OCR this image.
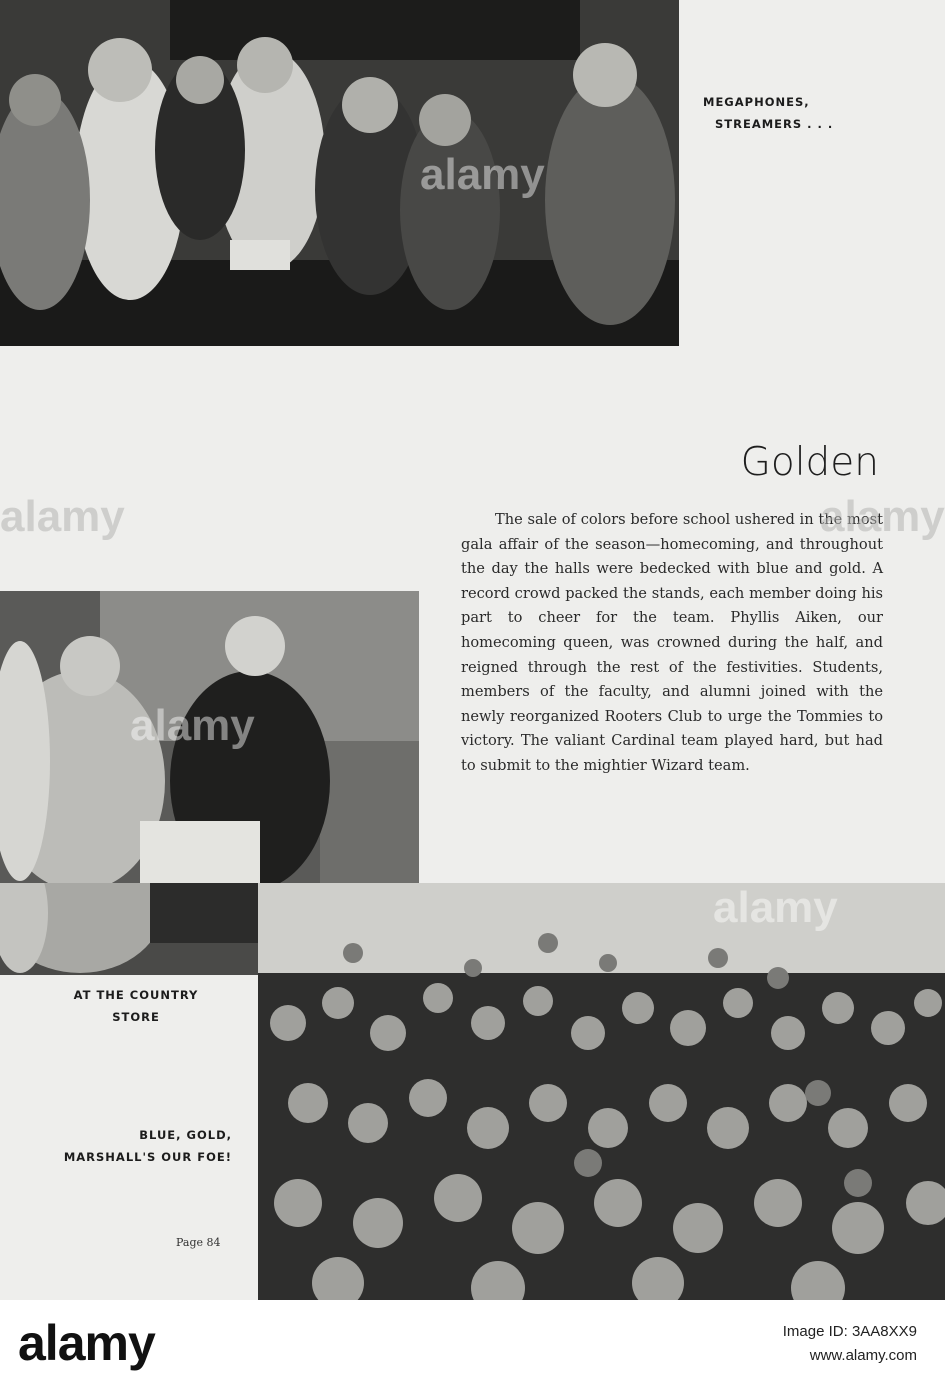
alamy
MEGAPHONES,
STREAMERS . . .
Golden
The sale of colors before school ushered in the most gala affair of the season—homecoming, and throughout the day the halls were bedecked with blue and gold. A record crowd packed the stands, each member doing his part to cheer for the team. Phyllis Aiken, our homecoming queen, was crowned during the half, and reigned through the rest of the festivities. Students, members of the faculty, and alumni joined with the newly reorganized Rooters Club to urge the Tommies to victory. The valiant Cardinal team played hard, but had to submit to the mightier Wizard team.
alamy
alamy
AT THE COUNTRY
STORE
BLUE, GOLD,
MARSHALL'S OUR FOE!
Page 84
alamy	alamy
alamy	Image ID: 3AA8XX9
www.alamy.com
